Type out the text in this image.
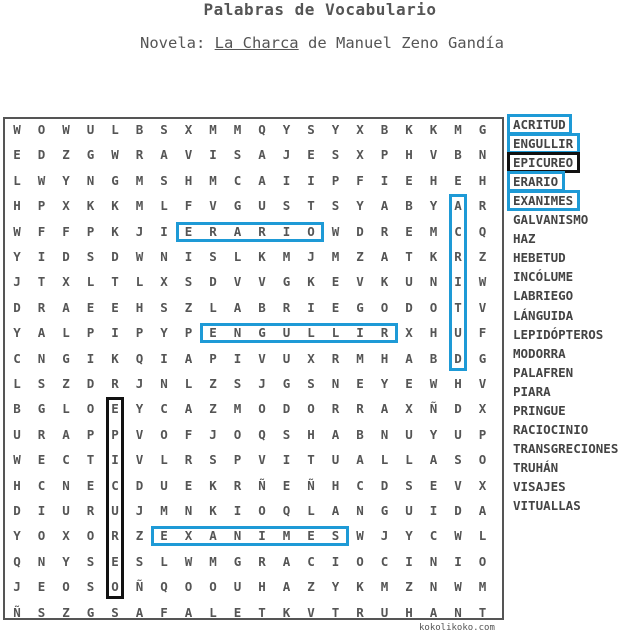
Palabras de Vocabulario
Novela: La Charca de Manuel Zeno Gandía
W	O	W	U	L	B	S	X	M	M	Q	Y	S	Y	X	B	K	K	M	G
E	D	Z	G	W	R	A	V	I	S	A	J	E	S	X	P	H	V	B	N
L	W	Y	N	G	M	S	H	M	C	A	I	I	P	F	I	E	H	E	H
H	P	X	K	K	M	L	F	V	G	U	S	T	S	Y	A	B	Y	A	R
W	F	F	P	K	J	I	E	R	A	R	I	O	W	D	R	E	M	C	Q
Y	I	D	S	D	W	N	I	S	L	K	M	J	M	Z	A	T	K	R	Z
J	T	X	L	T	L	X	S	D	V	V	G	K	E	V	K	U	N	I	W
D	R	A	E	E	H	S	Z	L	A	B	R	I	E	G	O	D	O	T	V
Y	A	L	P	I	P	Y	P	E	N	G	U	L	L	I	R	X	H	U	F
C	N	G	I	K	Q	I	A	P	I	V	U	X	R	M	H	A	B	D	G
L	S	Z	D	R	J	N	L	Z	S	J	G	S	N	E	Y	E	W	H	V
B	G	L	O	E	Y	C	A	Z	M	O	D	O	R	R	A	X	Ñ	D	X
U	R	A	P	P	V	O	F	J	O	Q	S	H	A	B	N	U	Y	U	P
W	E	C	T	I	V	L	R	S	P	V	I	T	U	A	L	L	A	S	O
H	C	N	E	C	D	U	E	K	R	Ñ	E	Ñ	H	C	D	S	E	V	X
D	I	U	R	U	J	M	N	K	I	O	Q	L	A	N	G	U	I	D	A
Y	O	X	O	R	Z	E	X	A	N	I	M	E	S	W	J	Y	C	W	L
Q	N	Y	S	E	S	L	W	M	G	R	A	C	I	O	C	I	N	I	O
J	E	O	S	O	Ñ	Q	O	O	U	H	A	Z	Y	K	M	Z	N	W	M
Ñ	S	Z	G	S	A	F	A	L	E	T	K	V	T	R	U	H	A	N	T
ACRITUD
ENGULLIR
EPICUREO
ERARIO
EXANIMES
GALVANISMO
HAZ
HEBETUD
INCÓLUME
LABRIEGO
LÁNGUIDA
LEPIDÓPTEROS
MODORRA
PALAFREN
PIARA
PRINGUE
RACIOCINIO
TRANSGRECIONES
TRUHÁN
VISAJES
VITUALLAS
kokolikoko.com
